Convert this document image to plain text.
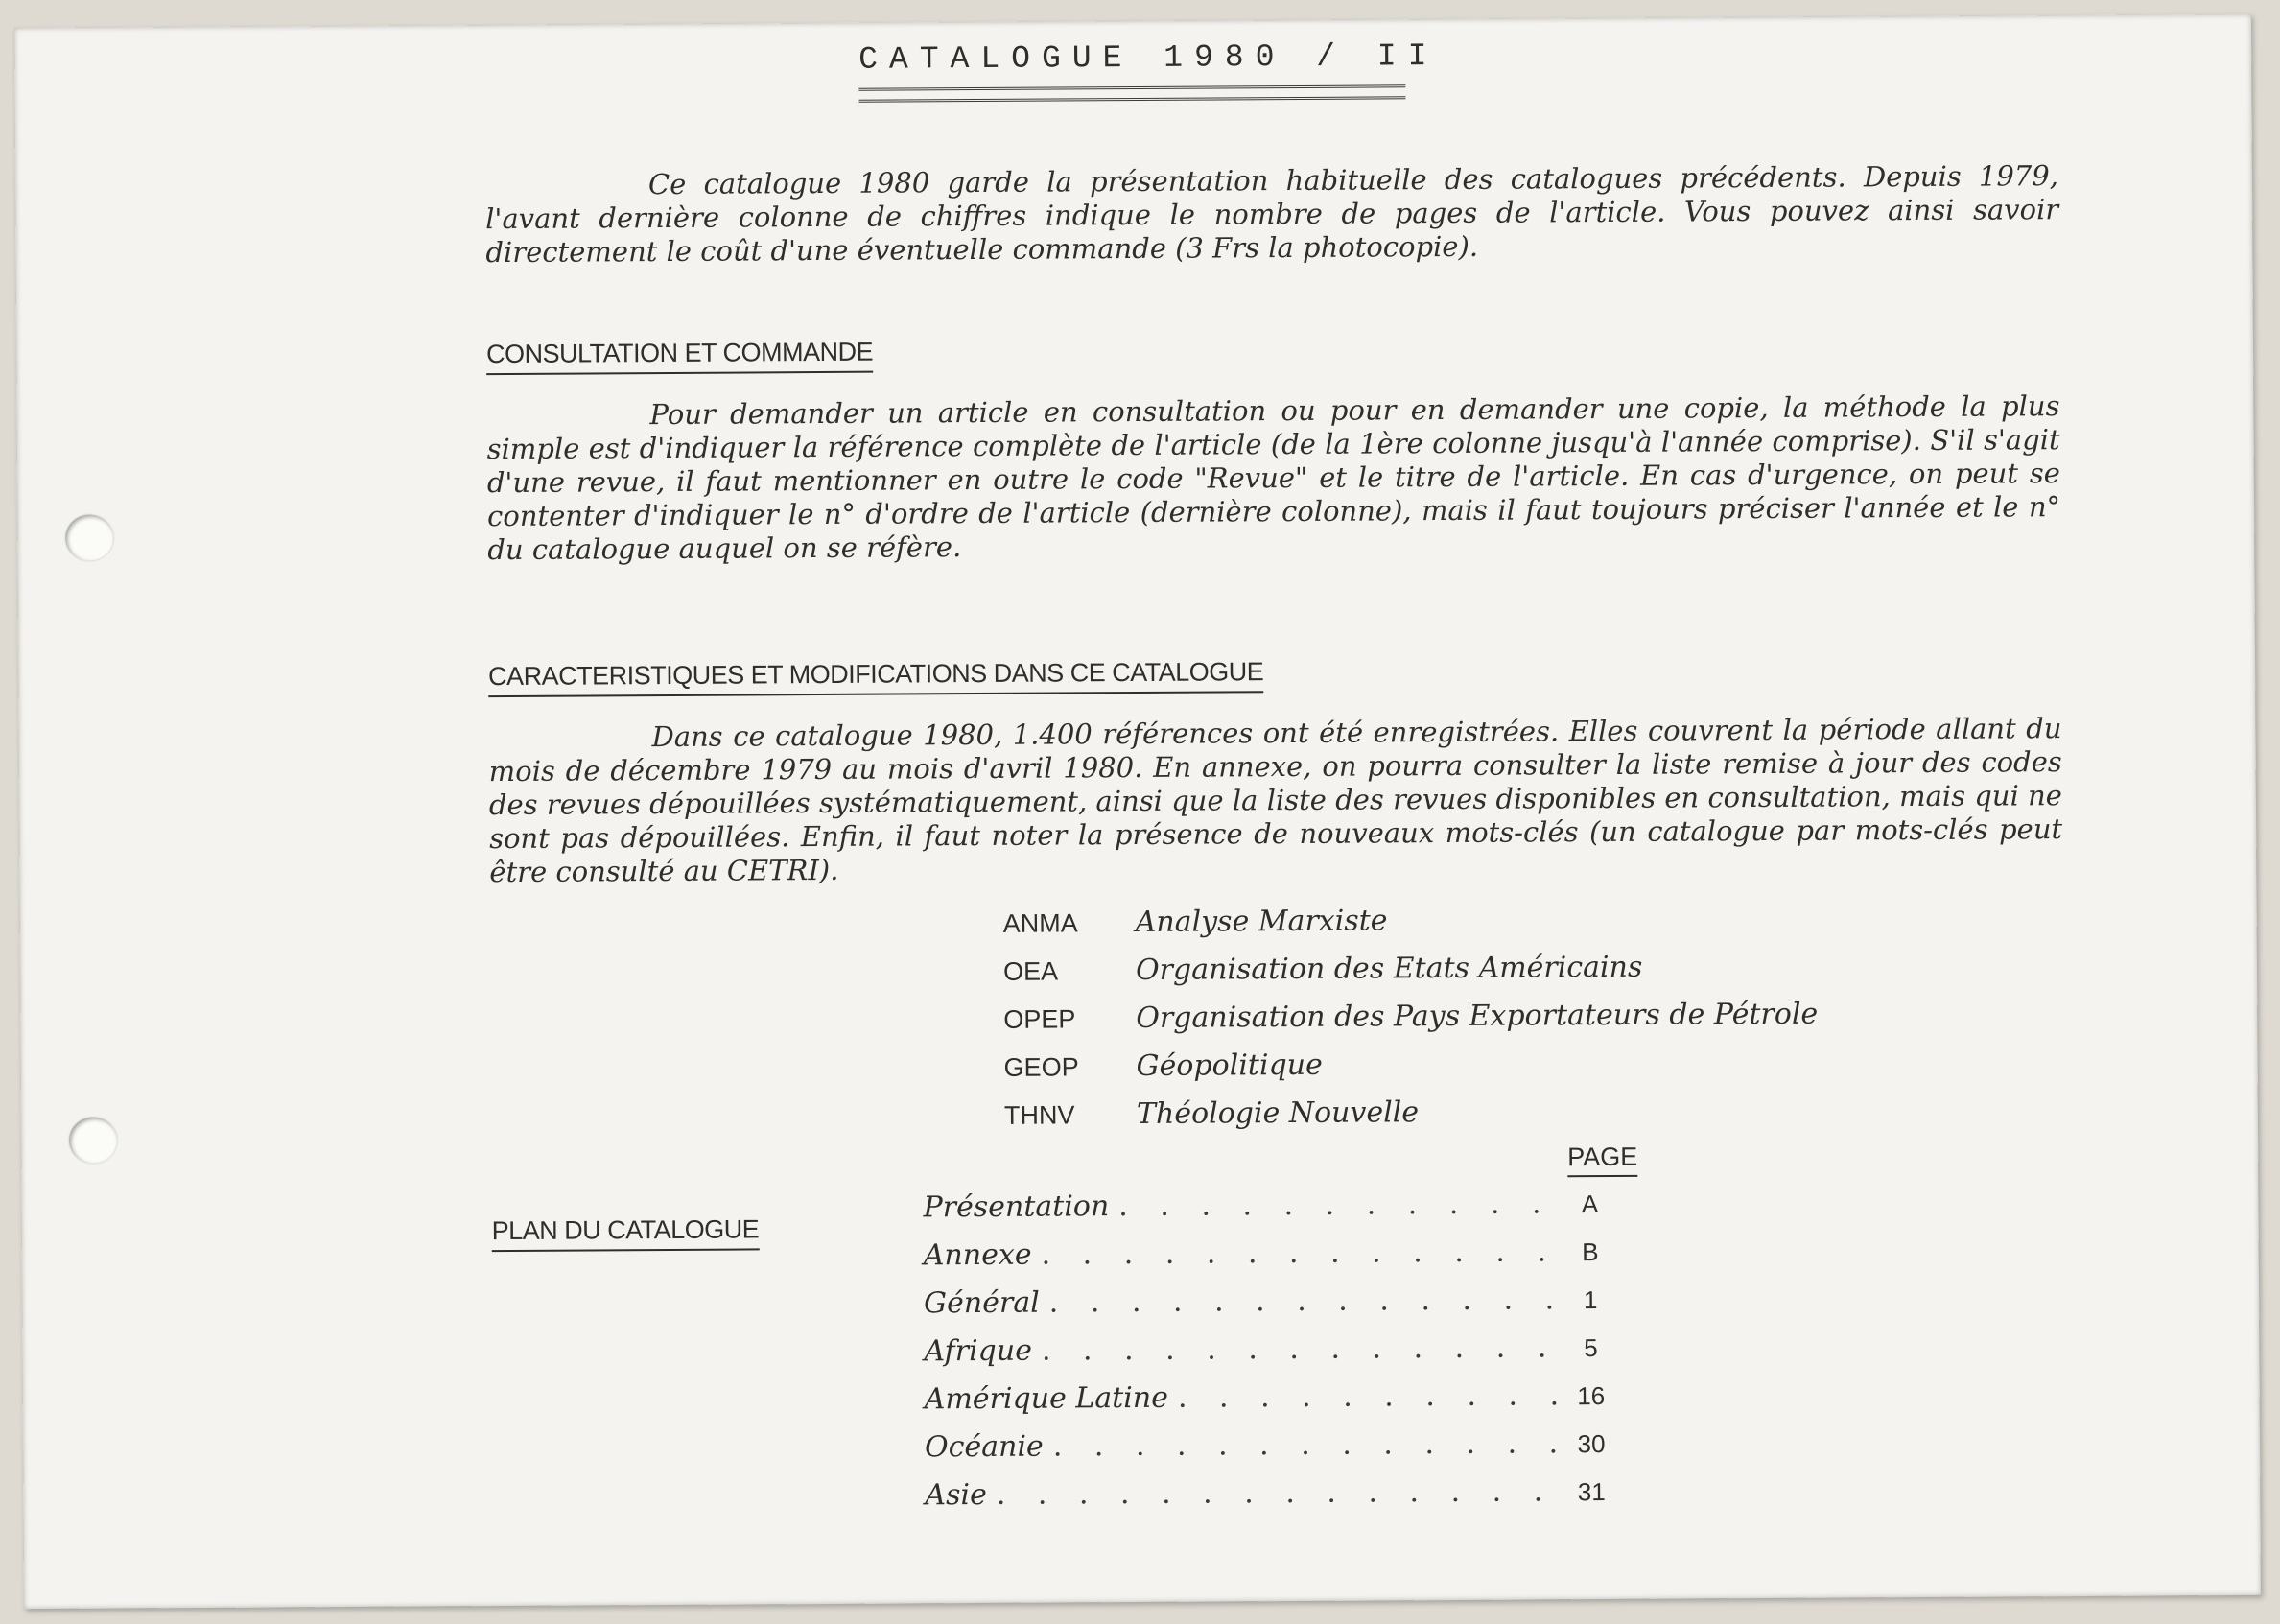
CATALOGUE 1980 / II

Ce catalogue 1980 garde la présentation habituelle des catalogues précédents. Depuis 1979, l'avant dernière colonne de chiffres indique le nombre de pages de l'article. Vous pouvez ainsi savoir directement le coût d'une éventuelle commande (3 Frs la photocopie).

CONSULTATION ET COMMANDE

Pour demander un article en consultation ou pour en demander une copie, la méthode la plus simple est d'indiquer la référence complète de l'article (de la 1ère colonne jusqu'à l'année comprise). S'il s'agit d'une revue, il faut mentionner en outre le code "Revue" et le titre de l'article. En cas d'urgence, on peut se contenter d'indiquer le n° d'ordre de l'article (dernière colonne), mais il faut toujours préciser l'année et le n° du catalogue auquel on se réfère.

CARACTERISTIQUES ET MODIFICATIONS DANS CE CATALOGUE

Dans ce catalogue 1980, 1.400 références ont été enregistrées. Elles couvrent la période allant du mois de décembre 1979 au mois d'avril 1980. En annexe, on pourra consulter la liste remise à jour des codes des revues dépouillées systématiquement, ainsi que la liste des revues disponibles en consultation, mais qui ne sont pas dépouillées. Enfin, il faut noter la présence de nouveaux mots-clés (un catalogue par mots-clés peut être consulté au CETRI).

ANMA Analyse Marxiste
OEA	Organisation des Etats Américains
OPEP Organisation des Pays Exportateurs de Pétrole
GEOP Géopolitique
THNV Théologie Nouvelle
PAGE
PLAN DU CATALOGUE
Présentation . . .	A
Annexe . . .	B
Général . . .	1
Afrique . . .	5
Amérique Latine . . .	16
Océanie . . .	30
Asie . . .	31
